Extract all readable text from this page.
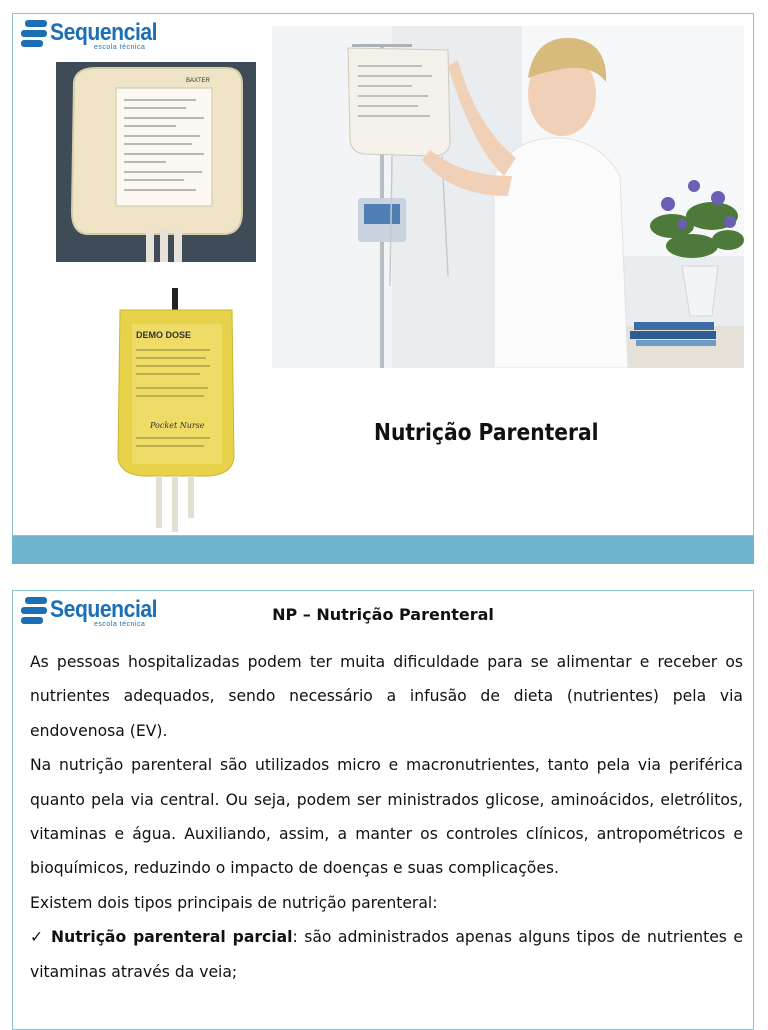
Sequencial
escola técnica
BAXTER
DEMO DOSE
Pocket Nurse	Nutrição Parenteral
Sequencial
escola técnica
NP – Nutrição Parenteral

As pessoas hospitalizadas podem ter muita dificuldade para se alimentar e receber os nutrientes adequados, sendo necessário a infusão de dieta (nutrientes) pela via endovenosa (EV).

Na nutrição parenteral são utilizados micro e macronutrientes, tanto pela via periférica quanto pela via central. Ou seja, podem ser ministrados glicose, aminoácidos, eletrólitos, vitaminas e água. Auxiliando, assim, a manter os controles clínicos, antropométricos e bioquímicos, reduzindo o impacto de doenças e suas complicações.

Existem dois tipos principais de nutrição parenteral:

✓ Nutrição parenteral parcial: são administrados apenas alguns tipos de nutrientes e vitaminas através da veia;
